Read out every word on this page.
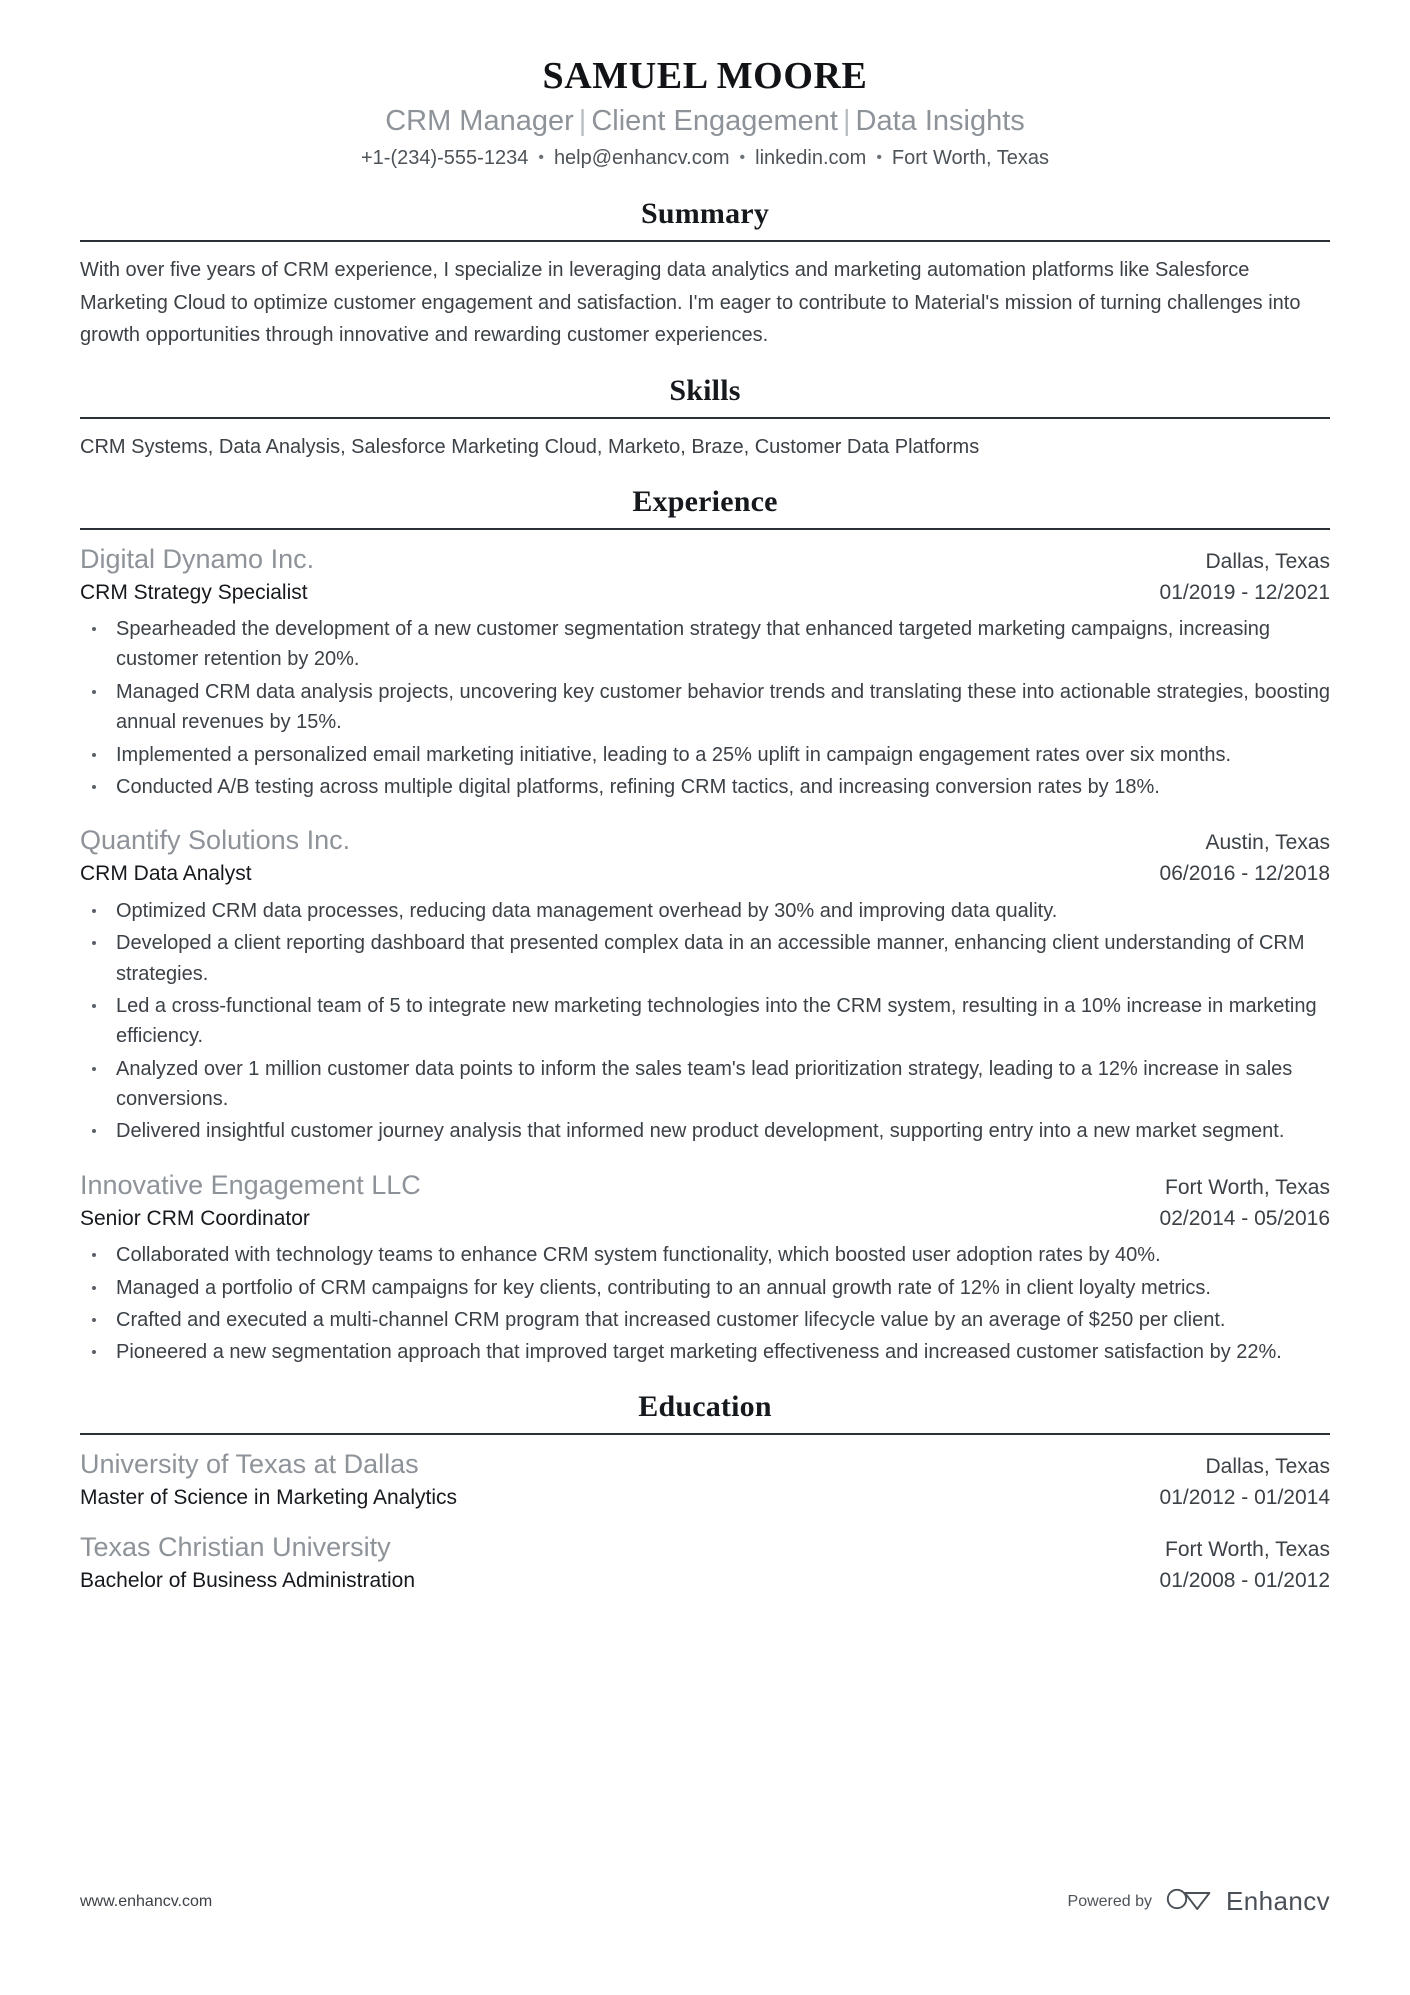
SAMUEL MOORE
CRM Manager | Client Engagement | Data Insights
+1-(234)-555-1234 • help@enhancv.com • linkedin.com • Fort Worth, Texas
Summary

With over five years of CRM experience, I specialize in leveraging data analytics and marketing automation platforms like Salesforce Marketing Cloud to optimize customer engagement and satisfaction. I'm eager to contribute to Material's mission of turning challenges into growth opportunities through innovative and rewarding customer experiences.

Skills

CRM Systems, Data Analysis, Salesforce Marketing Cloud, Marketo, Braze, Customer Data Platforms

Experience
Digital Dynamo Inc.	Dallas, Texas
CRM Strategy Specialist	01/2019 - 12/2021
Spearheaded the development of a new customer segmentation strategy that enhanced targeted marketing campaigns, increasing customer retention by 20%.
Managed CRM data analysis projects, uncovering key customer behavior trends and translating these into actionable strategies, boosting annual revenues by 15%.
Implemented a personalized email marketing initiative, leading to a 25% uplift in campaign engagement rates over six months.
Conducted A/B testing across multiple digital platforms, refining CRM tactics, and increasing conversion rates by 18%.
Quantify Solutions Inc.	Austin, Texas
CRM Data Analyst	06/2016 - 12/2018
Optimized CRM data processes, reducing data management overhead by 30% and improving data quality.
Developed a client reporting dashboard that presented complex data in an accessible manner, enhancing client understanding of CRM strategies.
Led a cross-functional team of 5 to integrate new marketing technologies into the CRM system, resulting in a 10% increase in marketing efficiency.
Analyzed over 1 million customer data points to inform the sales team's lead prioritization strategy, leading to a 12% increase in sales conversions.
Delivered insightful customer journey analysis that informed new product development, supporting entry into a new market segment.
Innovative Engagement LLC	Fort Worth, Texas
Senior CRM Coordinator	02/2014 - 05/2016
Collaborated with technology teams to enhance CRM system functionality, which boosted user adoption rates by 40%.
Managed a portfolio of CRM campaigns for key clients, contributing to an annual growth rate of 12% in client loyalty metrics.
Crafted and executed a multi-channel CRM program that increased customer lifecycle value by an average of $250 per client.
Pioneered a new segmentation approach that improved target marketing effectiveness and increased customer satisfaction by 22%.
Education
University of Texas at Dallas	Dallas, Texas
Master of Science in Marketing Analytics	01/2012 - 01/2014
Texas Christian University	Fort Worth, Texas
Bachelor of Business Administration	01/2008 - 01/2012
www.enhancv.com	Powered by	Enhancv
